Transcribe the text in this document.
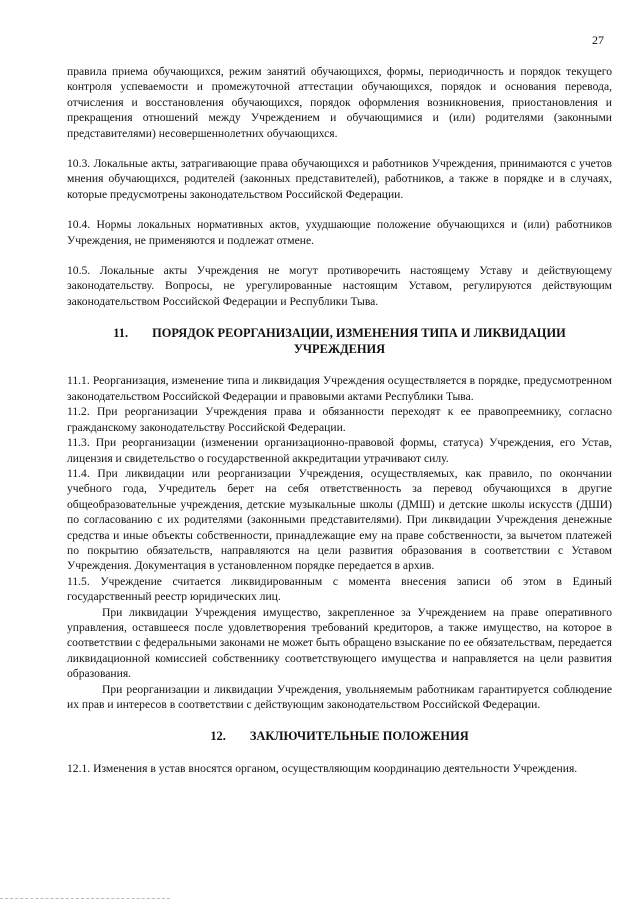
27

правила приема обучающихся, режим занятий обучающихся, формы, периодичность и порядок текущего контроля успеваемости и промежуточной аттестации обучающихся, порядок и основания перевода, отчисления и восстановления обучающихся, порядок оформления возникновения, приостановления и прекращения отношений между Учреждением и обучающимися и (или) родителями (законными представителями) несовершеннолетних обучающихся.

10.3. Локальные акты, затрагивающие права обучающихся и работников Учреждения, принимаются с учетов мнения обучающихся, родителей (законных представителей), работников, а также в порядке и в случаях, которые предусмотрены законодательством Российской Федерации.

10.4. Нормы локальных нормативных актов, ухудшающие положение обучающихся и (или) работников Учреждения, не применяются и подлежат отмене.

10.5. Локальные акты Учреждения не могут противоречить настоящему Уставу и действующему законодательству. Вопросы, не урегулированные настоящим Уставом, регулируются действующим законодательством Российской Федерации и Республики Тыва.

11. ПОРЯДОК РЕОРГАНИЗАЦИИ, ИЗМЕНЕНИЯ ТИПА И ЛИКВИДАЦИИ УЧРЕЖДЕНИЯ

11.1. Реорганизация, изменение типа и ликвидация Учреждения осуществляется в порядке, предусмотренном законодательством Российской Федерации и правовыми актами Республики Тыва.

11.2. При реорганизации Учреждения права и обязанности переходят к ее правопреемнику, согласно гражданскому законодательству Российской Федерации.

11.3. При реорганизации (изменении организационно-правовой формы, статуса) Учреждения, его Устав, лицензия и свидетельство о государственной аккредитации утрачивают силу.

11.4. При ликвидации или реорганизации Учреждения, осуществляемых, как правило, по окончании учебного года, Учредитель берет на себя ответственность за перевод обучающихся в другие общеобразовательные учреждения, детские музыкальные школы (ДМШ) и детские школы искусств (ДШИ) по согласованию с их родителями (законными представителями). При ликвидации Учреждения денежные средства и иные объекты собственности, принадлежащие ему на праве собственности, за вычетом платежей по покрытию обязательств, направляются на цели развития образования в соответствии с Уставом Учреждения. Документация в установленном порядке передается в архив.

11.5. Учреждение считается ликвидированным с момента внесения записи об этом в Единый государственный реестр юридических лиц.

При ликвидации Учреждения имущество, закрепленное за Учреждением на праве оперативного управления, оставшееся после удовлетворения требований кредиторов, а также имущество, на которое в соответствии с федеральными законами не может быть обращено взыскание по ее обязательствам, передается ликвидационной комиссией собственнику соответствующего имущества и направляется на цели развития образования.

При реорганизации и ликвидации Учреждения, увольняемым работникам гарантируется соблюдение их прав и интересов в соответствии с действующим законодательством Российской Федерации.

12. ЗАКЛЮЧИТЕЛЬНЫЕ ПОЛОЖЕНИЯ

12.1. Изменения в устав вносятся органом, осуществляющим координацию деятельности Учреждения.
